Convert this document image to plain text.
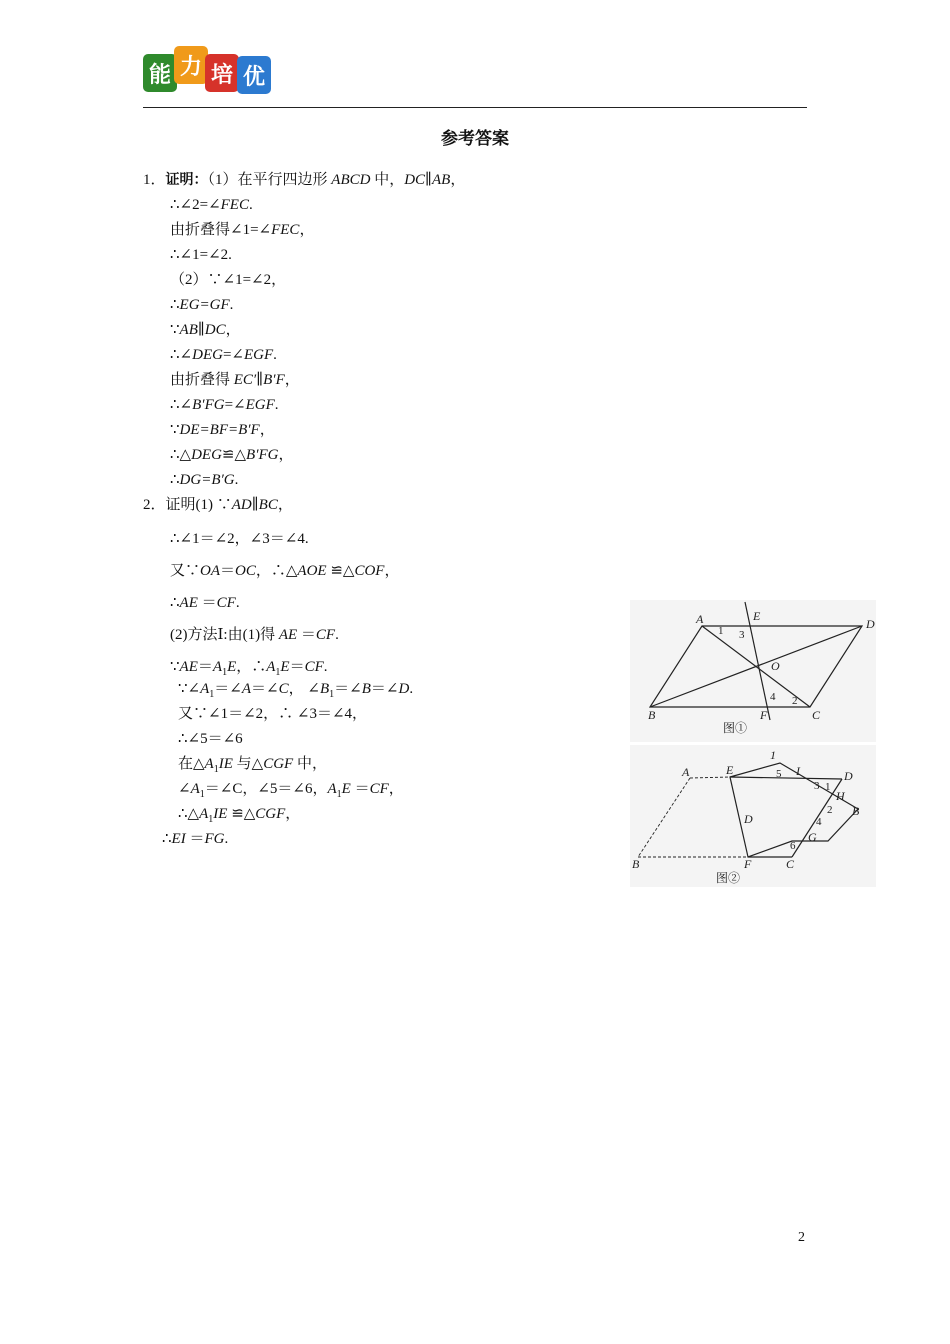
能 力 培 优
参考答案
1．证明：（1）在平行四边形 ABCD 中，DC∥AB，
∴∠2=∠FEC.
由折叠得∠1=∠FEC，
∴∠1=∠2.
（2）∵∠1=∠2，
∴EG=GF.
∵AB∥DC，
∴∠DEG=∠EGF.
由折叠得 EC′∥B′F，
∴∠B′FG=∠EGF.
∵DE=BF=B′F，
∴△DEG≌△B′FG，
∴DG=B′G.
2．证明(1) ∵AD∥BC，
∴∠1＝∠2，∠3＝∠4.
又∵OA＝OC，∴△AOE ≌△COF，
∴AE ＝CF.
(2)方法Ⅰ:由(1)得 AE ＝CF.
$\because AE=A_1E$，$\therefore A_1E=CF$.
$\because\angle A_1=\angle A=\angle C$， $\angle B_1=\angle B=\angle D$.
又∵∠1＝∠2，∴ ∠3＝∠4，
∴∠5＝∠6
在$\triangle A_1IE$ 与△CGF 中，
$\angle A_1=\angle C$，∠5＝∠6，$A_1E =CF$，
$\therefore\triangle A_1IE$ ≌△CGF，
∴EI ＝FG.
A	E
D
O
B	F	C
1 3
4 2
图①
A
1
E	I	D
H
B
G
D
B	F	C
5
1
3
2
4
6
图②
2
